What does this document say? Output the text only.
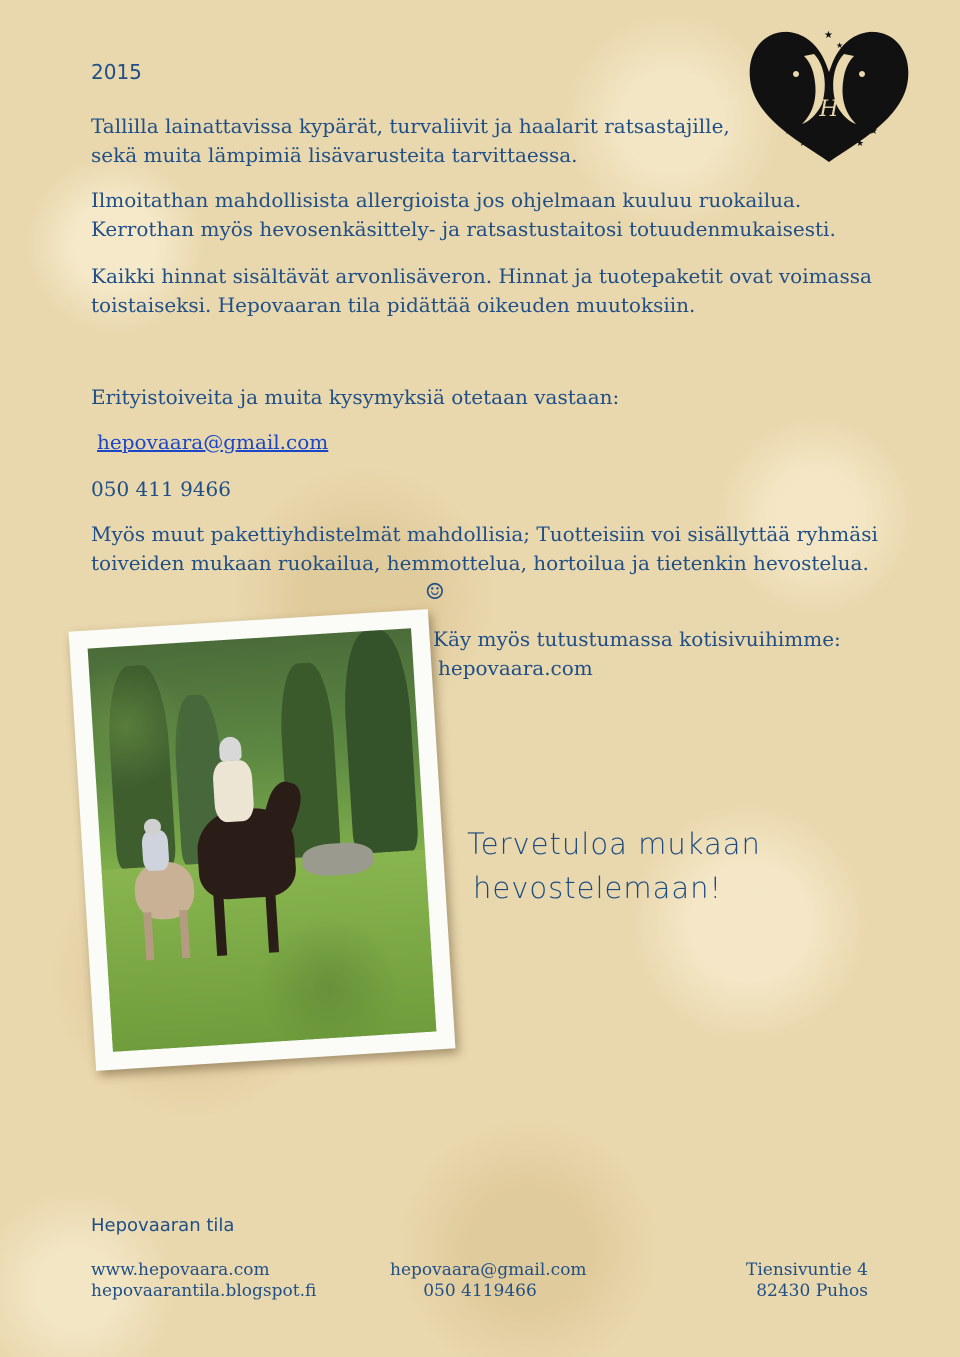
2015
H
★
★	★
★
★
★

Tallilla lainattavissa kypärät, turvaliivit ja haalarit ratsastajille,

sekä muita lämpimiä lisävarusteita tarvittaessa.

Ilmoitathan mahdollisista allergioista jos ohjelmaan kuuluu ruokailua.

Kerrothan myös hevosenkäsittely- ja ratsastustaitosi totuudenmukaisesti.

Kaikki hinnat sisältävät arvonlisäveron. Hinnat ja tuotepaketit ovat voimassa

toistaiseksi. Hepovaaran tila pidättää oikeuden muutoksiin.

Erityistoiveita ja muita kysymyksiä otetaan vastaan:

hepovaara@gmail.com

050 411 9466

Myös muut pakettiyhdistelmät mahdollisia; Tuotteisiin voi sisällyttää ryhmäsi

toiveiden mukaan ruokailua, hemmottelua, hortoilua ja tietenkin hevostelua.

☺

Käy myös tutustumassa kotisivuihimme:

hepovaara.com

Tervetuloa mukaan
hevostelemaan!
Hepovaaran tila
www.hepovaara.com
hepovaarantila.blogspot.fi
hepovaara@gmail.com
050 4119466
Tiensivuntie 4
82430 Puhos
